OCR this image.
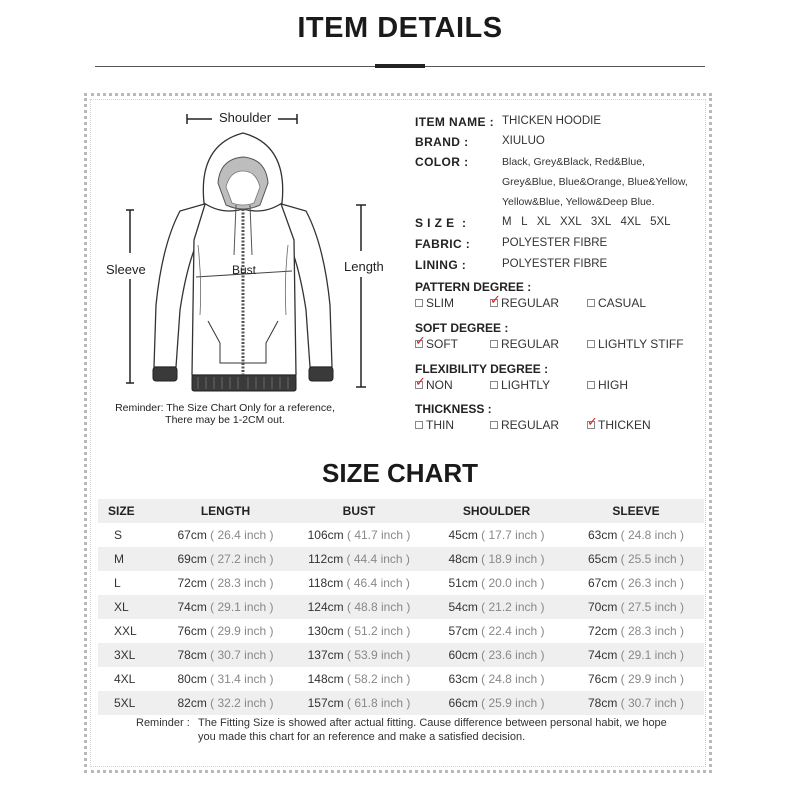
ITEM DETAILS
Shoulder
Sleeve	Bust	Length
Reminder: The Size Chart Only for a reference,
There may be 1-2CM out.
ITEM NAME : THICKEN HOODIE
BRAND :	XIULUO
COLOR :	Black, Grey&Black, Red&Blue,
Grey&Blue, Blue&Orange, Blue&Yellow,
Yellow&Blue, Yellow&Deep Blue.
S I Z E  :	M   L   XL   XXL   3XL   4XL   5XL
FABRIC :	POLYESTER FIBRE
LINING :	POLYESTER FIBRE
PATTERN DEGREE :
SLIM ✓	REGULAR	CASUAL
SOFT DEGREE :
✓
SOFT	REGULAR	LIGHTLY STIFF
FLEXIBILITY DEGREE :
✓
NON	LIGHTLY	HIGH
THICKNESS :
THIN	REGULAR ✓	THICKEN
SIZE CHART
SIZE	LENGTH	BUST	SHOULDER	SLEEVE
S	67cm ( 26.4 inch )	106cm ( 41.7 inch )	45cm ( 17.7 inch )	63cm ( 24.8 inch )
M	69cm ( 27.2 inch )	112cm ( 44.4 inch )	48cm ( 18.9 inch )	65cm ( 25.5 inch )
L	72cm ( 28.3 inch )	118cm ( 46.4 inch )	51cm ( 20.0 inch )	67cm ( 26.3 inch )
XL	74cm ( 29.1 inch )	124cm ( 48.8 inch )	54cm ( 21.2 inch )	70cm ( 27.5 inch )
XXL	76cm ( 29.9 inch )	130cm ( 51.2 inch )	57cm ( 22.4 inch )	72cm ( 28.3 inch )
3XL	78cm ( 30.7 inch )	137cm ( 53.9 inch )	60cm ( 23.6 inch )	74cm ( 29.1 inch )
4XL	80cm ( 31.4 inch )	148cm ( 58.2 inch )	63cm ( 24.8 inch )	76cm ( 29.9 inch )
5XL	82cm ( 32.2 inch )	157cm ( 61.8 inch )	66cm ( 25.9 inch )	78cm ( 30.7 inch )
Reminder : The Fitting Size is showed after actual fitting. Cause difference between personal habit, we hope
you made this chart for an reference and make a satisfied decision.
